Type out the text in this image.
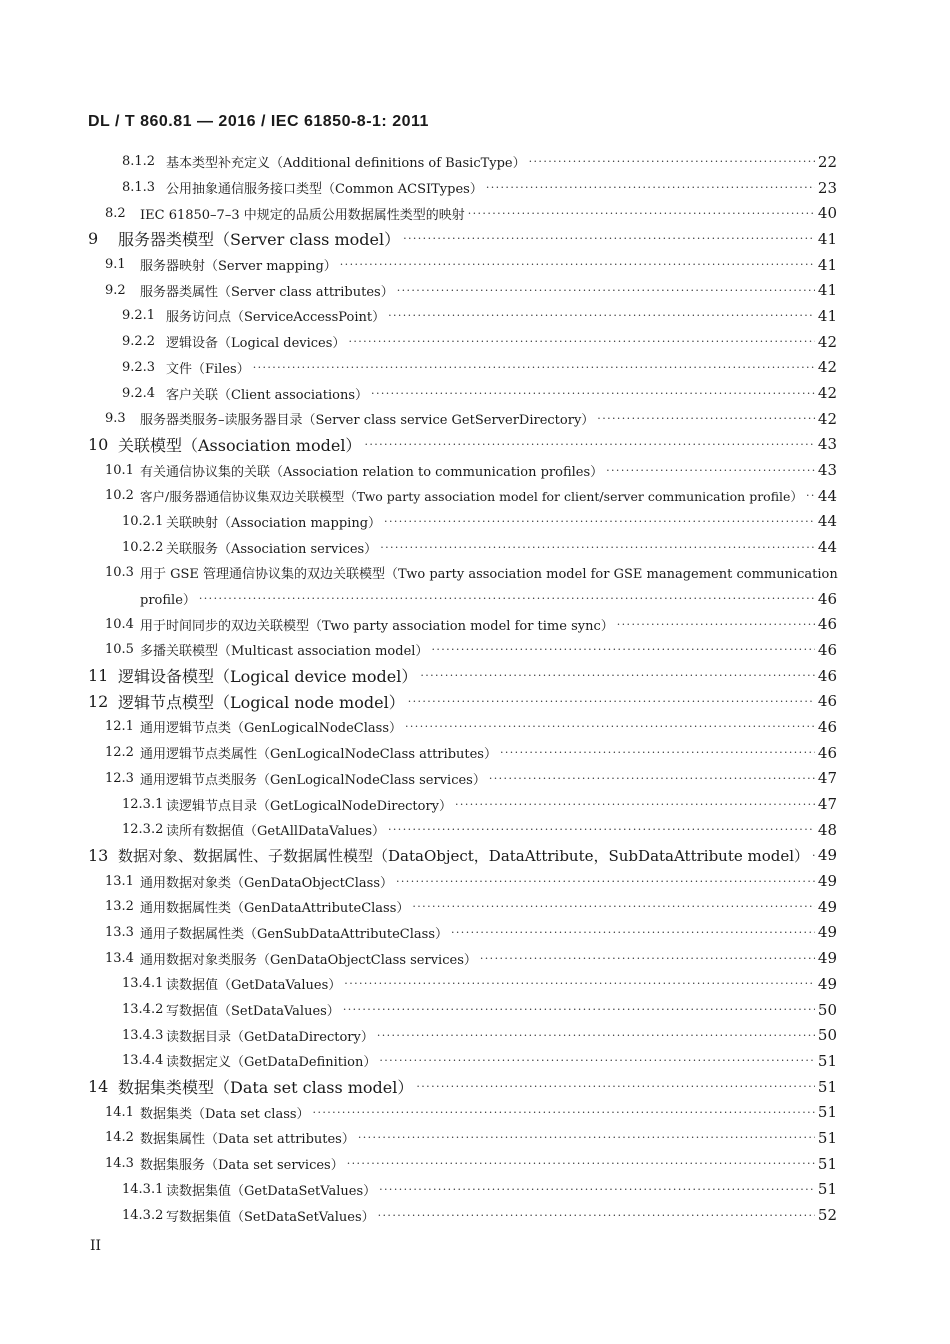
DL / T 860.81 — 2016 / IEC 61850-8-1: 2011
8.1.2 基本类型补充定义（Additional definitions of BasicType） ·····	22
8.1.3 公用抽象通信服务接口类型（Common ACSITypes） ·····	23
8.2	IEC 61850–7–3 中规定的品质公用数据属性类型的映射 ·····	40
9	服务器类模型（Server class model） ·····	41
9.1	服务器映射（Server mapping） ·····	41
9.2	服务器类属性（Server class attributes） ·····	41
9.2.1 服务访问点（ServiceAccessPoint） ·····	41
9.2.2 逻辑设备（Logical devices） ·····	42
9.2.3 文件（Files） ·····	42
9.2.4 客户关联（Client associations） ·····	42
9.3	服务器类服务–读服务器目录（Server class service GetServerDirectory） ·····	42
10 关联模型（Association model） ·····	43
10.1 有关通信协议集的关联（Association relation to communication profiles） ·····	43
10.2 客户/服务器通信协议集双边关联模型（Two party association model for client/server communication profile） ····· 44
10.2.1 关联映射（Association mapping） ·····	44
10.2.2 关联服务（Association services） ·····	44
10.3 用于 GSE 管理通信协议集的双边关联模型（Two party association model for GSE management communication
profile） ·····	46
10.4 用于时间同步的双边关联模型（Two party association model for time sync） ·····	46
10.5 多播关联模型（Multicast association model） ·····	46
11 逻辑设备模型（Logical device model） ·····	46
12 逻辑节点模型（Logical node model） ·····	46
12.1 通用逻辑节点类（GenLogicalNodeClass） ·····	46
12.2 通用逻辑节点类属性（GenLogicalNodeClass attributes） ·····	46
12.3 通用逻辑节点类服务（GenLogicalNodeClass services） ·····	47
12.3.1 读逻辑节点目录（GetLogicalNodeDirectory） ·····	47
12.3.2 读所有数据值（GetAllDataValues） ·····	48
13 数据对象、数据属性、子数据属性模型（DataObject，DataAttribute，SubDataAttribute model） ····· 49
13.1 通用数据对象类（GenDataObjectClass） ·····	49
13.2 通用数据属性类（GenDataAttributeClass） ·····	49
13.3 通用子数据属性类（GenSubDataAttributeClass） ·····	49
13.4 通用数据对象类服务（GenDataObjectClass services） ·····	49
13.4.1 读数据值（GetDataValues） ·····	49
13.4.2 写数据值（SetDataValues） ·····	50
13.4.3 读数据目录（GetDataDirectory） ·····	50
13.4.4 读数据定义（GetDataDefinition） ·····	51
14 数据集类模型（Data set class model） ·····	51
14.1 数据集类（Data set class） ·····	51
14.2 数据集属性（Data set attributes） ·····	51
14.3 数据集服务（Data set services） ·····	51
14.3.1 读数据集值（GetDataSetValues） ·····	51
14.3.2 写数据集值（SetDataSetValues） ·····	52
II
